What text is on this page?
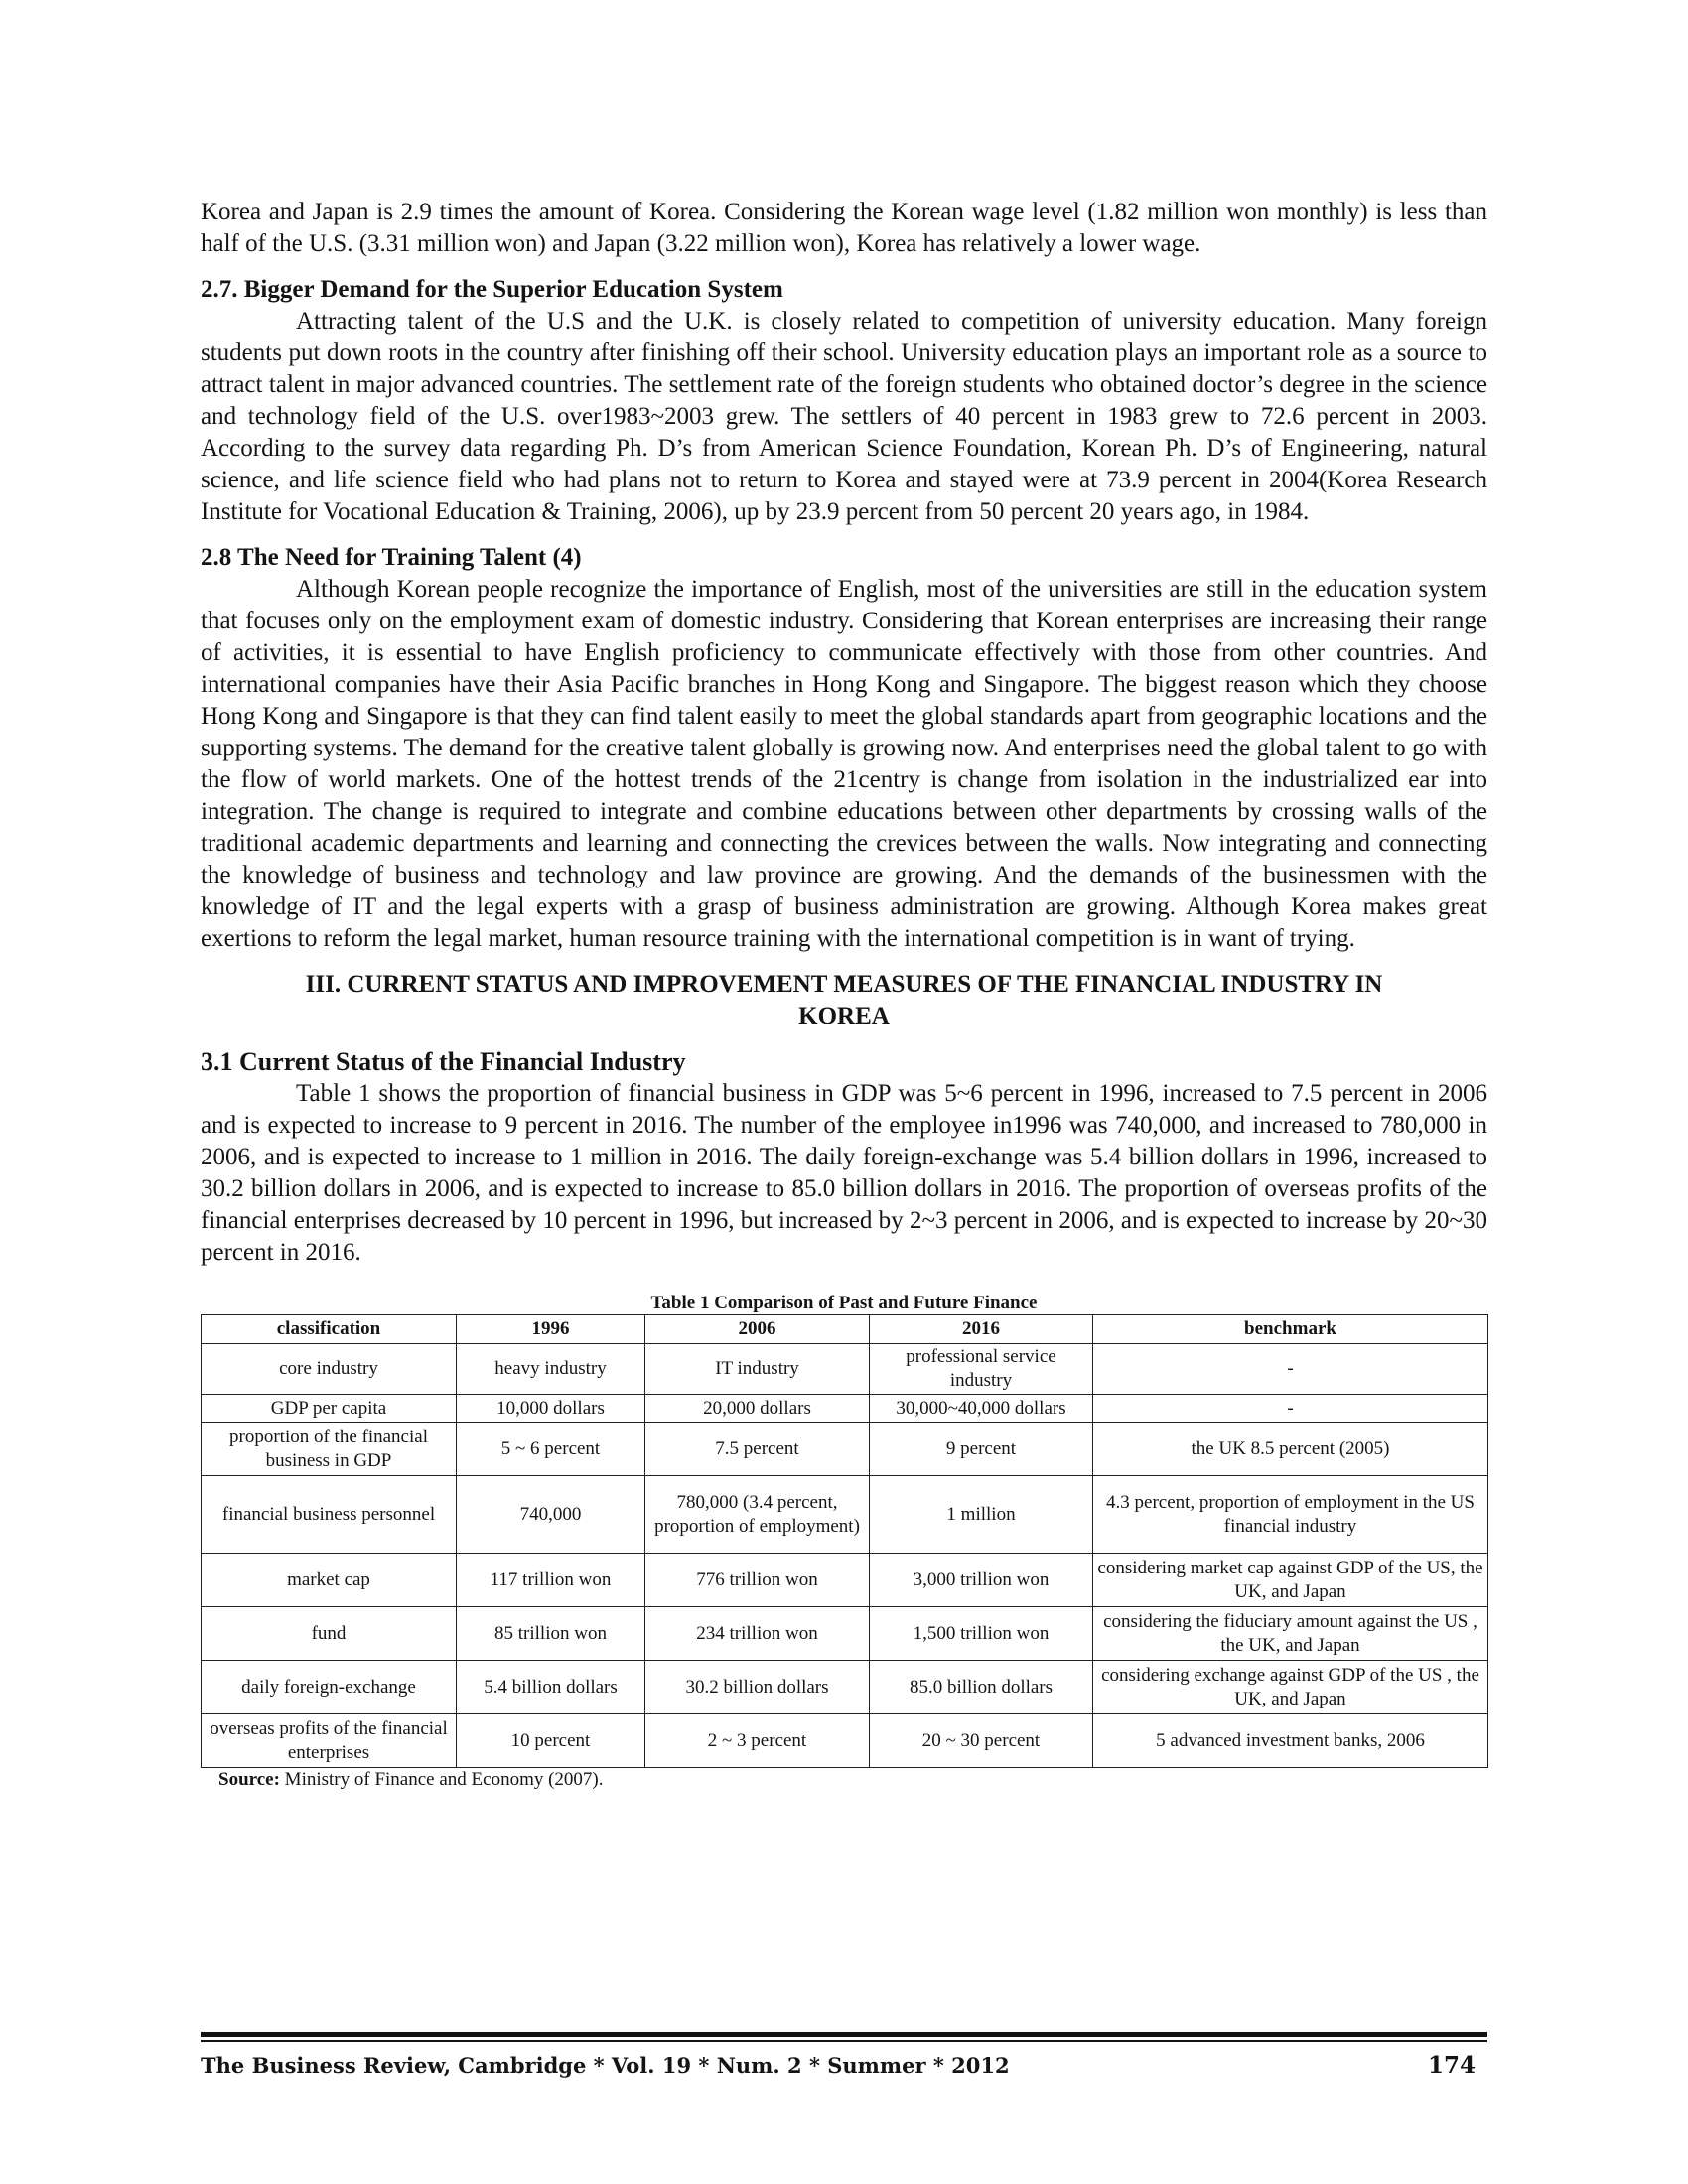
Korea and Japan is 2.9 times the amount of Korea. Considering the Korean wage level (1.82 million won monthly) is less than half of the U.S. (3.31 million won) and Japan (3.22 million won), Korea has relatively a lower wage.

2.7. Bigger Demand for the Superior Education System

Attracting talent of the U.S and the U.K. is closely related to competition of university education. Many foreign students put down roots in the country after finishing off their school. University education plays an important role as a source to attract talent in major advanced countries. The settlement rate of the foreign students who obtained doctor’s degree in the science and technology field of the U.S. over1983~2003 grew. The settlers of 40 percent in 1983 grew to 72.6 percent in 2003. According to the survey data regarding Ph. D’s from American Science Foundation, Korean Ph. D’s of Engineering, natural science, and life science field who had plans not to return to Korea and stayed were at 73.9 percent in 2004(Korea Research Institute for Vocational Education & Training, 2006), up by 23.9 percent from 50 percent 20 years ago, in 1984.

2.8 The Need for Training Talent (4)

Although Korean people recognize the importance of English, most of the universities are still in the education system that focuses only on the employment exam of domestic industry. Considering that Korean enterprises are increasing their range of activities, it is essential to have English proficiency to communicate effectively with those from other countries. And international companies have their Asia Pacific branches in Hong Kong and Singapore. The biggest reason which they choose Hong Kong and Singapore is that they can find talent easily to meet the global standards apart from geographic locations and the supporting systems. The demand for the creative talent globally is growing now. And enterprises need the global talent to go with the flow of world markets. One of the hottest trends of the 21centry is change from isolation in the industrialized ear into integration. The change is required to integrate and combine educations between other departments by crossing walls of the traditional academic departments and learning and connecting the crevices between the walls. Now integrating and connecting the knowledge of business and technology and law province are growing. And the demands of the businessmen with the knowledge of IT and the legal experts with a grasp of business administration are growing. Although Korea makes great exertions to reform the legal market, human resource training with the international competition is in want of trying.

III. CURRENT STATUS AND IMPROVEMENT MEASURES OF THE FINANCIAL INDUSTRY IN KOREA
3.1 Current Status of the Financial Industry

Table 1 shows the proportion of financial business in GDP was 5~6 percent in 1996, increased to 7.5 percent in 2006 and is expected to increase to 9 percent in 2016. The number of the employee in1996 was 740,000, and increased to 780,000 in 2006, and is expected to increase to 1 million in 2016. The daily foreign-exchange was 5.4 billion dollars in 1996, increased to 30.2 billion dollars in 2006, and is expected to increase to 85.0 billion dollars in 2016. The proportion of overseas profits of the financial enterprises decreased by 10 percent in 1996, but increased by 2~3 percent in 2006, and is expected to increase by 20~30 percent in 2016.

Table 1 Comparison of Past and Future Finance
classification	1996	2006	2016	benchmark
core industry	heavy industry	IT industry	professional service industry	-
GDP per capita	10,000 dollars	20,000 dollars	30,000~40,000 dollars	-
proportion of the financial business in GDP	5 ~ 6 percent	7.5 percent	9 percent	the UK 8.5 percent (2005)
financial business personnel	740,000	780,000 (3.4 percent, proportion of employment)	1 million	4.3 percent, proportion of employment in the US financial industry
market cap	117 trillion won	776 trillion won	3,000 trillion won	considering market cap against GDP of the US, the UK, and Japan
fund	85 trillion won	234 trillion won	1,500 trillion won	considering the fiduciary amount against the US , the UK, and Japan
daily foreign-exchange	5.4 billion dollars	30.2 billion dollars	85.0 billion dollars	considering exchange against GDP of the US , the UK, and Japan
overseas profits of the financial enterprises	10 percent	2 ~ 3 percent	20 ~ 30 percent	5 advanced investment banks, 2006
Source: Ministry of Finance and Economy (2007).
The Business Review, Cambridge * Vol. 19 * Num. 2 * Summer * 2012	174
